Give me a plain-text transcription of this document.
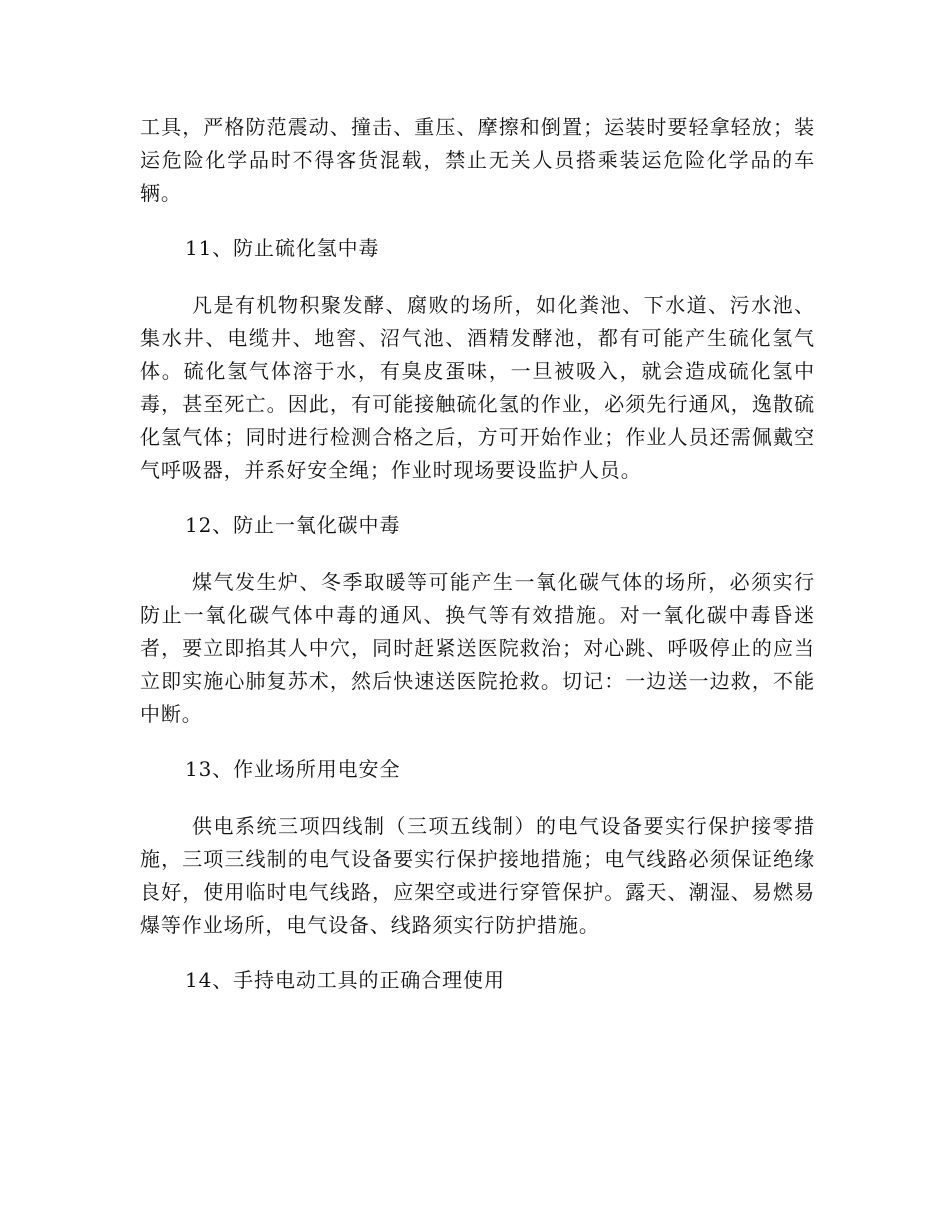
工具，严格防范震动、撞击、重压、摩擦和倒置；运装时要轻拿轻放；装运危险化学品时不得客货混载，禁止无关人员搭乘装运危险化学品的车辆。

11、防止硫化氢中毒

凡是有机物积聚发酵、腐败的场所，如化粪池、下水道、污水池、集水井、电缆井、地窖、沼气池、酒精发酵池，都有可能产生硫化氢气体。硫化氢气体溶于水，有臭皮蛋味，一旦被吸入，就会造成硫化氢中毒，甚至死亡。因此，有可能接触硫化氢的作业，必须先行通风，逸散硫化氢气体；同时进行检测合格之后，方可开始作业；作业人员还需佩戴空气呼吸器，并系好安全绳；作业时现场要设监护人员。

12、防止一氧化碳中毒

煤气发生炉、冬季取暖等可能产生一氧化碳气体的场所，必须实行防止一氧化碳气体中毒的通风、换气等有效措施。对一氧化碳中毒昏迷者，要立即掐其人中穴，同时赶紧送医院救治；对心跳、呼吸停止的应当立即实施心肺复苏术，然后快速送医院抢救。切记：一边送一边救，不能中断。

13、作业场所用电安全

供电系统三项四线制（三项五线制）的电气设备要实行保护接零措施，三项三线制的电气设备要实行保护接地措施；电气线路必须保证绝缘良好，使用临时电气线路，应架空或进行穿管保护。露天、潮湿、易燃易爆等作业场所，电气设备、线路须实行防护措施。

14、手持电动工具的正确合理使用
